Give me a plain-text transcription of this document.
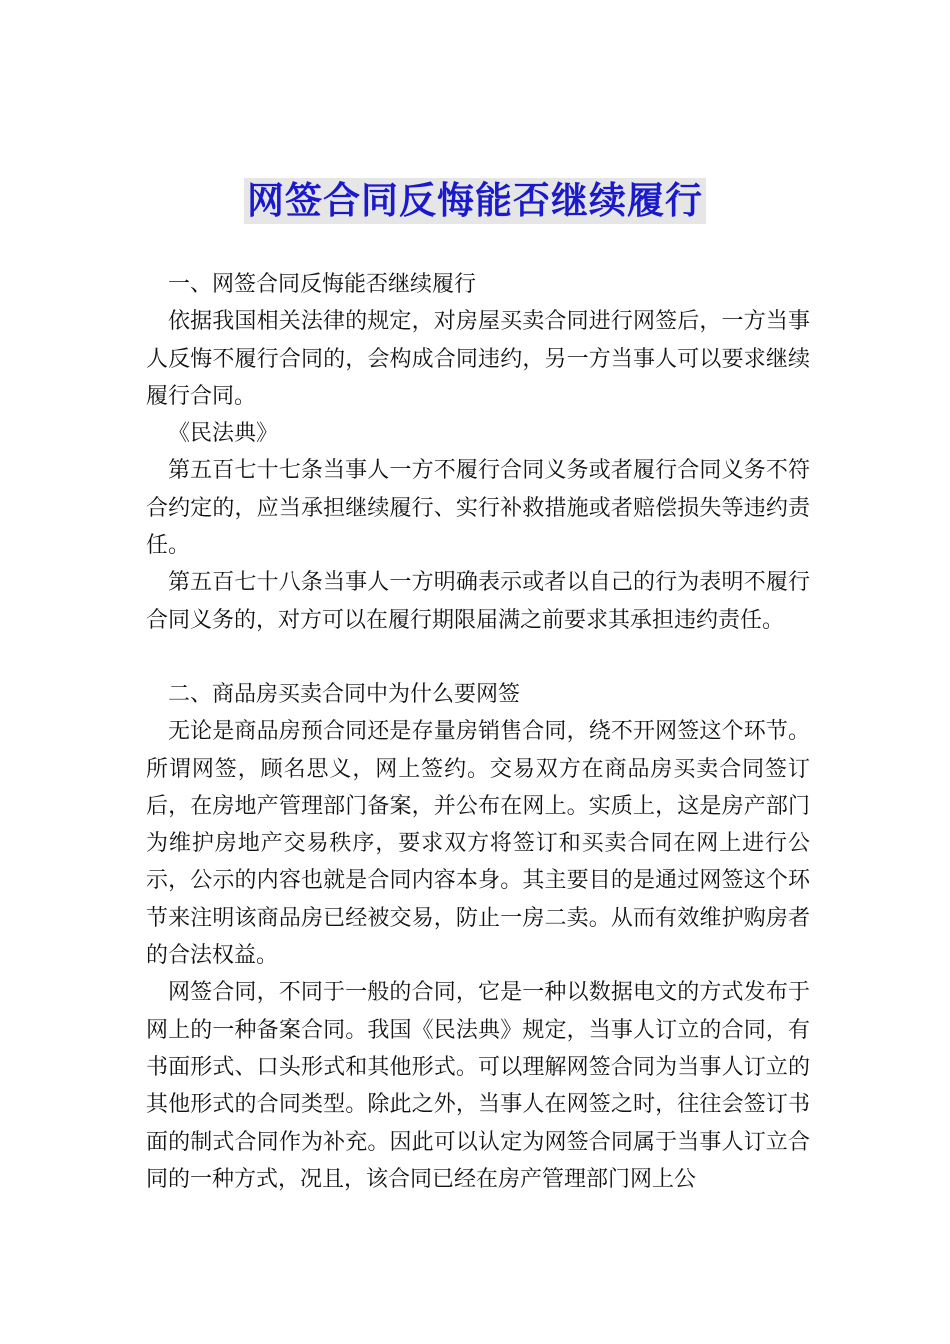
网签合同反悔能否继续履行

一、网签合同反悔能否继续履行

依据我国相关法律的规定，对房屋买卖合同进行网签后，一方当事人反悔不履行合同的，会构成合同违约，另一方当事人可以要求继续履行合同。

《民法典》

第五百七十七条当事人一方不履行合同义务或者履行合同义务不符合约定的，应当承担继续履行、实行补救措施或者赔偿损失等违约责任。

第五百七十八条当事人一方明确表示或者以自己的行为表明不履行合同义务的，对方可以在履行期限届满之前要求其承担违约责任。

二、商品房买卖合同中为什么要网签

无论是商品房预合同还是存量房销售合同，绕不开网签这个环节。所谓网签，顾名思义，网上签约。交易双方在商品房买卖合同签订后，在房地产管理部门备案，并公布在网上。实质上，这是房产部门为维护房地产交易秩序，要求双方将签订和买卖合同在网上进行公示，公示的内容也就是合同内容本身。其主要目的是通过网签这个环节来注明该商品房已经被交易，防止一房二卖。从而有效维护购房者的合法权益。

网签合同，不同于一般的合同，它是一种以数据电文的方式发布于网上的一种备案合同。我国《民法典》规定，当事人订立的合同，有书面形式、口头形式和其他形式。可以理解网签合同为当事人订立的其他形式的合同类型。除此之外，当事人在网签之时，往往会签订书面的制式合同作为补充。因此可以认定为网签合同属于当事人订立合同的一种方式，况且，该合同已经在房产管理部门网上公
